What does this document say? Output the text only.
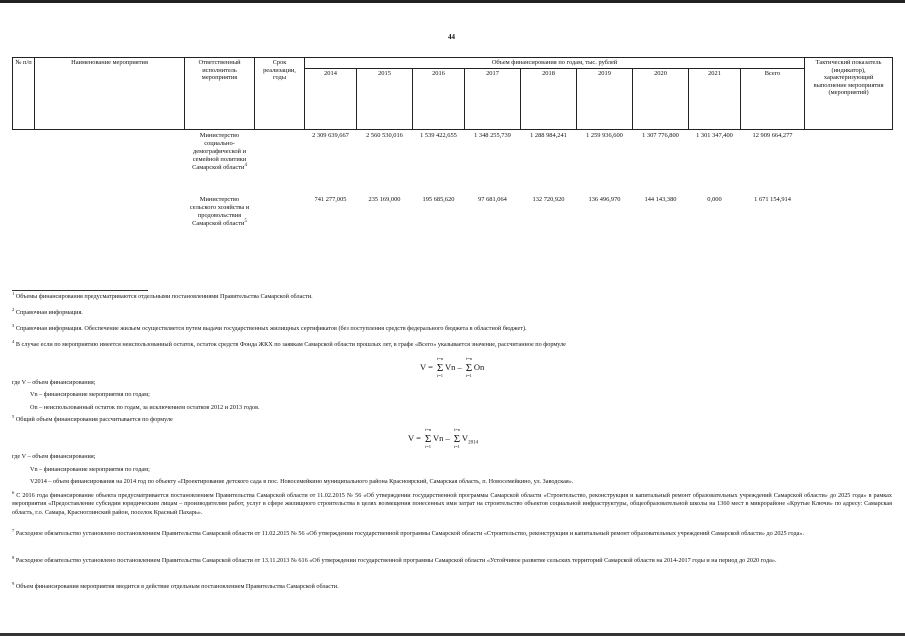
44
№ п/п	Наименование мероприятия	Ответственный исполнитель мероприятия	Срок реализации, годы	Объем финансирования по годам, тыс. рублей									Тактический показатель (индикатор), характеризующий выполнение мероприятия (мероприятий)
				2014	2015	2016	2017	2018	2019	2020	2021	Всего	
		Министерство социально-демографической и семейной политики Самарской области$^4$		2 309 639,667	2 560 530,016	1 539 422,655	1 348 255,739	1 288 984,241	1 259 936,600	1 307 776,800	1 301 347,400	12 909 664,277	
		Министерство сельского хозяйства и продовольствия Самарской области$^5$		741 277,005	235 169,000	195 685,620	97 681,064	132 720,920	136 496,970	144 143,380	0,000	1 671 154,914	
$^1$ Объемы финансирования предусматриваются отдельными постановлениями Правительства Самарской области.
$^2$ Справочная информация.
$^3$ Справочная информация. Обеспечение жильем осуществляется путем выдачи государственных жилищных сертификатов (без поступления средств федерального бюджета в областной бюджет).
$^4$ В случае если по мероприятию имеется неиспользованный остаток, остаток средств Фонда ЖКХ по заявкам Самарской области прошлых лет, в графе «Всего» указывается значение, рассчитанное по формуле
V =
i=n
Σ
i=1
Vn –
i=n
Σ
i=1
On
где V – объем финансирования;
Vn – финансирование мероприятия по годам;
On – неиспользованный остаток по годам, за исключением остатков 2012 и 2013 годов.
$^5$ Общий объем финансирования рассчитывается по формуле
V =
i=n
Σ
i=1
Vn –
i=n
Σ
i=1
$V_{2014}$
где V – объем финансирования;
Vn – финансирование мероприятия по годам;
V2014 – объем финансирования на 2014 год по объекту «Проектирование детского сада в пос. Новосемейкино муниципального района Красноярский, Самарская область, п. Новосемейкино, ул. Заводская».
$^6$ С 2016 года финансирование объекта предусматривается постановлением Правительства Самарской области от 11.02.2015 № 56 «Об утверждении государственной программы Самарской области «Строительство, реконструкция и капитальный ремонт образовательных учреждений Самарской области» до 2025 года» в рамках мероприятия «Предоставление субсидии юридическим лицам – производителям работ, услуг в сфере жилищного строительства в целях возмещения понесенных ими затрат на строительство объектов социальной инфраструктуры, общеобразовательной школы на 1360 мест в микрорайоне «Крутые Ключи» по адресу: Самарская область, г.о. Самара, Красноглинский район, поселок Красный Пахарь».
$^7$ Расходное обязательство установлено постановлением Правительства Самарской области от 11.02.2015 № 56 «Об утверждении государственной программы Самарской области «Строительство, реконструкция и капитальный ремонт образовательных учреждений Самарской области» до 2025 года».
$^8$ Расходное обязательство установлено постановлением Правительства Самарской области от 13.11.2013 № 616 «Об утверждении государственной программы Самарской области «Устойчивое развитие сельских территорий Самарской области на 2014-2017 годы и на период до 2020 года».
$^9$ Объем финансирования мероприятия вводится в действие отдельным постановлением Правительства Самарской области.
